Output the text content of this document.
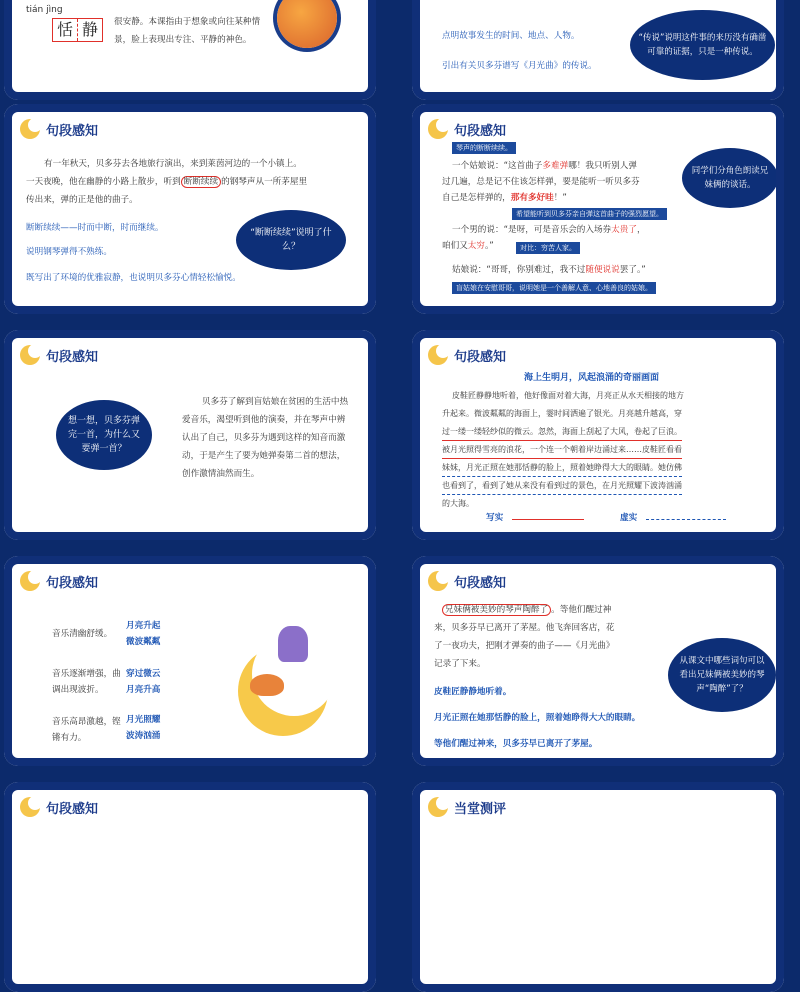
tián jìng
恬 静	很安静。本课指由于想象或向往某种情
景，脸上表现出专注、平静的神色。	点明故事发生的时间、地点、人物。
引出有关贝多芬谱写《月光曲》的传说。
“传说”说明这件事的来历没有确凿可靠的证据，只是一种传说。
句段感知
有一年秋天，贝多芬去各地旅行演出，来到莱茵河边的一个小镇上。
一天夜晚，他在幽静的小路上散步，听到 断断续续 的钢琴声从一所茅屋里
传出来，弹的正是他的曲子。
断断续续——时而中断，时而继续。
说明钢琴弹得不熟练。
既写出了环境的优雅寂静，也说明贝多芬心情轻松愉悦。
“断断续续”说明了什么？
句段感知
琴声的断断续续。
一个姑娘说：“这首曲子多难弹哪！我只听别人弹
过几遍，总是记不住该怎样弹，要是能听一听贝多芬
自己是怎样弹的，那有多好哇！”
希望能听到贝多芬亲自弹这首曲子的强烈愿望。
一个男的说：“是呀，可是音乐会的入场券太贵了，
咱们又太穷。”	对比：穷苦人家。
姑娘说：“哥哥，你别难过，我不过随便说说罢了。”
盲姑娘在安慰哥哥，说明她是一个善解人意、心地善良的姑娘。
同学们分角色朗读兄妹俩的谈话。
句段感知
想一想，贝多芬弹完一首，为什么又要弹一首？
贝多芬了解到盲姑娘在贫困的生活中热
爱音乐，渴望听到他的演奏，并在琴声中辨
认出了自己，贝多芬为遇到这样的知音而激
动，于是产生了要为她弹奏第二首的想法，
创作激情油然而生。
句段感知
海上生明月，风起浪涌的奇丽画面
皮鞋匠静静地听着，他好像面对着大海，月亮正从水天相接的地方
升起来。微波粼粼的海面上，霎时间洒遍了银光。月亮越升越高，穿
过一缕一缕轻纱似的微云。忽然，海面上刮起了大风，卷起了巨浪。
被月光照得雪亮的浪花，一个连一个朝着岸边涌过来……皮鞋匠看看
妹妹，月光正照在她那恬静的脸上，照着她睁得大大的眼睛。她仿佛
也看到了，看到了她从来没有看到过的景色，在月光照耀下波涛汹涌
的大海。
写实	虚实
句段感知
音乐清幽舒缓。
月亮升起
微波粼粼
音乐逐渐增强，曲调出现波折。
穿过微云
月亮升高
音乐高昂激越，铿锵有力。
月光照耀
波涛汹涌
句段感知
兄妹俩被美妙的琴声陶醉了 。等他们醒过神
来，贝多芬早已离开了茅屋。他飞奔回客店，花
了一夜功夫，把刚才弹奏的曲子——《月光曲》
记录了下来。
皮鞋匠静静地听着。
月光正照在她那恬静的脸上，照着她睁得大大的眼睛。
等他们醒过神来，贝多芬早已离开了茅屋。
从课文中哪些词句可以看出兄妹俩被美妙的琴声“陶醉”了？
句段感知	当堂测评
